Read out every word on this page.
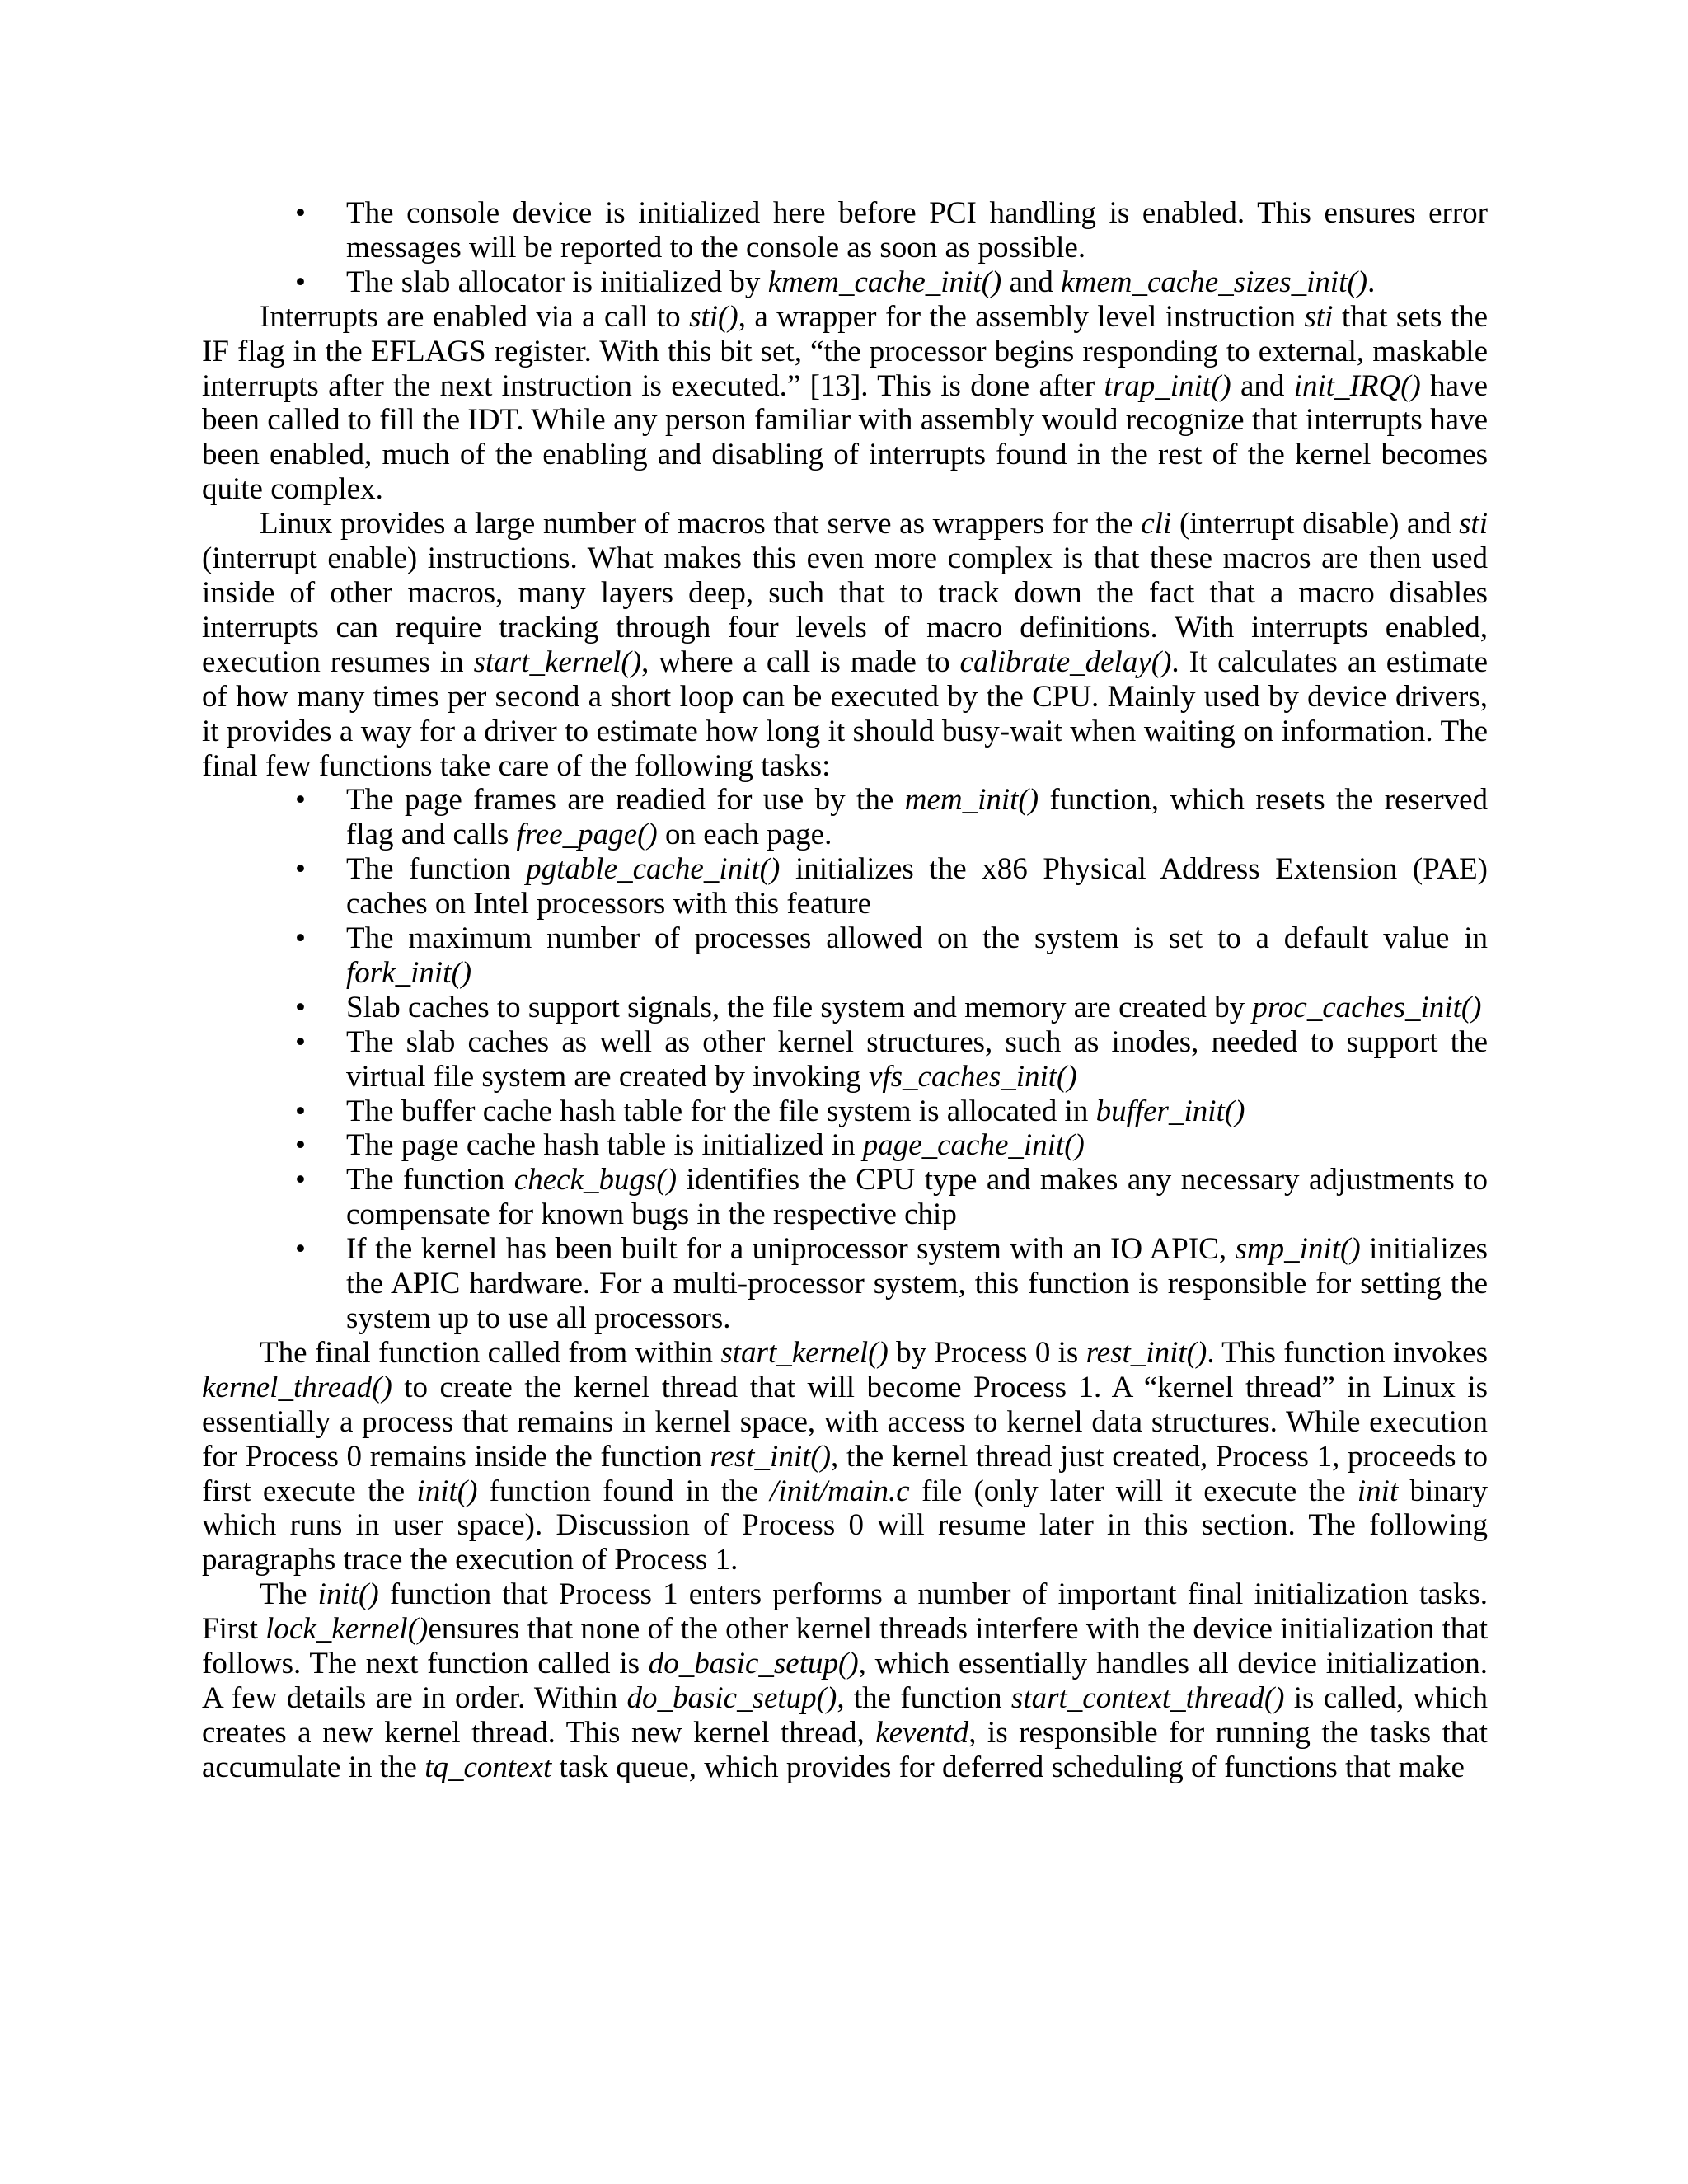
•	The console device is initialized here before PCI handling is enabled. This ensures error messages will be reported to the console as soon as possible.
•	The slab allocator is initialized by kmem_cache_init() and kmem_cache_sizes_init().

Interrupts are enabled via a call to sti(), a wrapper for the assembly level instruction sti that sets the IF flag in the EFLAGS register. With this bit set, “the processor begins responding to external, maskable interrupts after the next instruction is executed.” [13]. This is done after trap_init() and init_IRQ() have been called to fill the IDT. While any person familiar with assembly would recognize that interrupts have been enabled, much of the enabling and disabling of interrupts found in the rest of the kernel becomes quite complex.

Linux provides a large number of macros that serve as wrappers for the cli (interrupt disable) and sti (interrupt enable) instructions. What makes this even more complex is that these macros are then used inside of other macros, many layers deep, such that to track down the fact that a macro disables interrupts can require tracking through four levels of macro definitions. With interrupts enabled, execution resumes in start_kernel(), where a call is made to calibrate_delay(). It calculates an estimate of how many times per second a short loop can be executed by the CPU. Mainly used by device drivers, it provides a way for a driver to estimate how long it should busy-wait when waiting on information. The final few functions take care of the following tasks:

•	The page frames are readied for use by the mem_init() function, which resets the reserved flag and calls free_page() on each page.
•	The function pgtable_cache_init() initializes the x86 Physical Address Extension (PAE) caches on Intel processors with this feature
•	The maximum number of processes allowed on the system is set to a default value in fork_init()
•	Slab caches to support signals, the file system and memory are created by proc_caches_init()
•	The slab caches as well as other kernel structures, such as inodes, needed to support the virtual file system are created by invoking vfs_caches_init()
•	The buffer cache hash table for the file system is allocated in buffer_init()
•	The page cache hash table is initialized in page_cache_init()
•	The function check_bugs() identifies the CPU type and makes any necessary adjustments to compensate for known bugs in the respective chip
•	If the kernel has been built for a uniprocessor system with an IO APIC, smp_init() initializes the APIC hardware. For a multi-processor system, this function is responsible for setting the system up to use all processors.

The final function called from within start_kernel() by Process 0 is rest_init(). This function invokes kernel_thread() to create the kernel thread that will become Process 1. A “kernel thread” in Linux is essentially a process that remains in kernel space, with access to kernel data structures. While execution for Process 0 remains inside the function rest_init(), the kernel thread just created, Process 1, proceeds to first execute the init() function found in the /init/main.c file (only later will it execute the init binary which runs in user space). Discussion of Process 0 will resume later in this section. The following paragraphs trace the execution of Process 1.

The init() function that Process 1 enters performs a number of important final initialization tasks. First lock_kernel()ensures that none of the other kernel threads interfere with the device initialization that follows. The next function called is do_basic_setup(), which essentially handles all device initialization. A few details are in order. Within do_basic_setup(), the function start_context_thread() is called, which creates a new kernel thread. This new kernel thread, keventd, is responsible for running the tasks that accumulate in the tq_context task queue, which provides for deferred scheduling of functions that make
